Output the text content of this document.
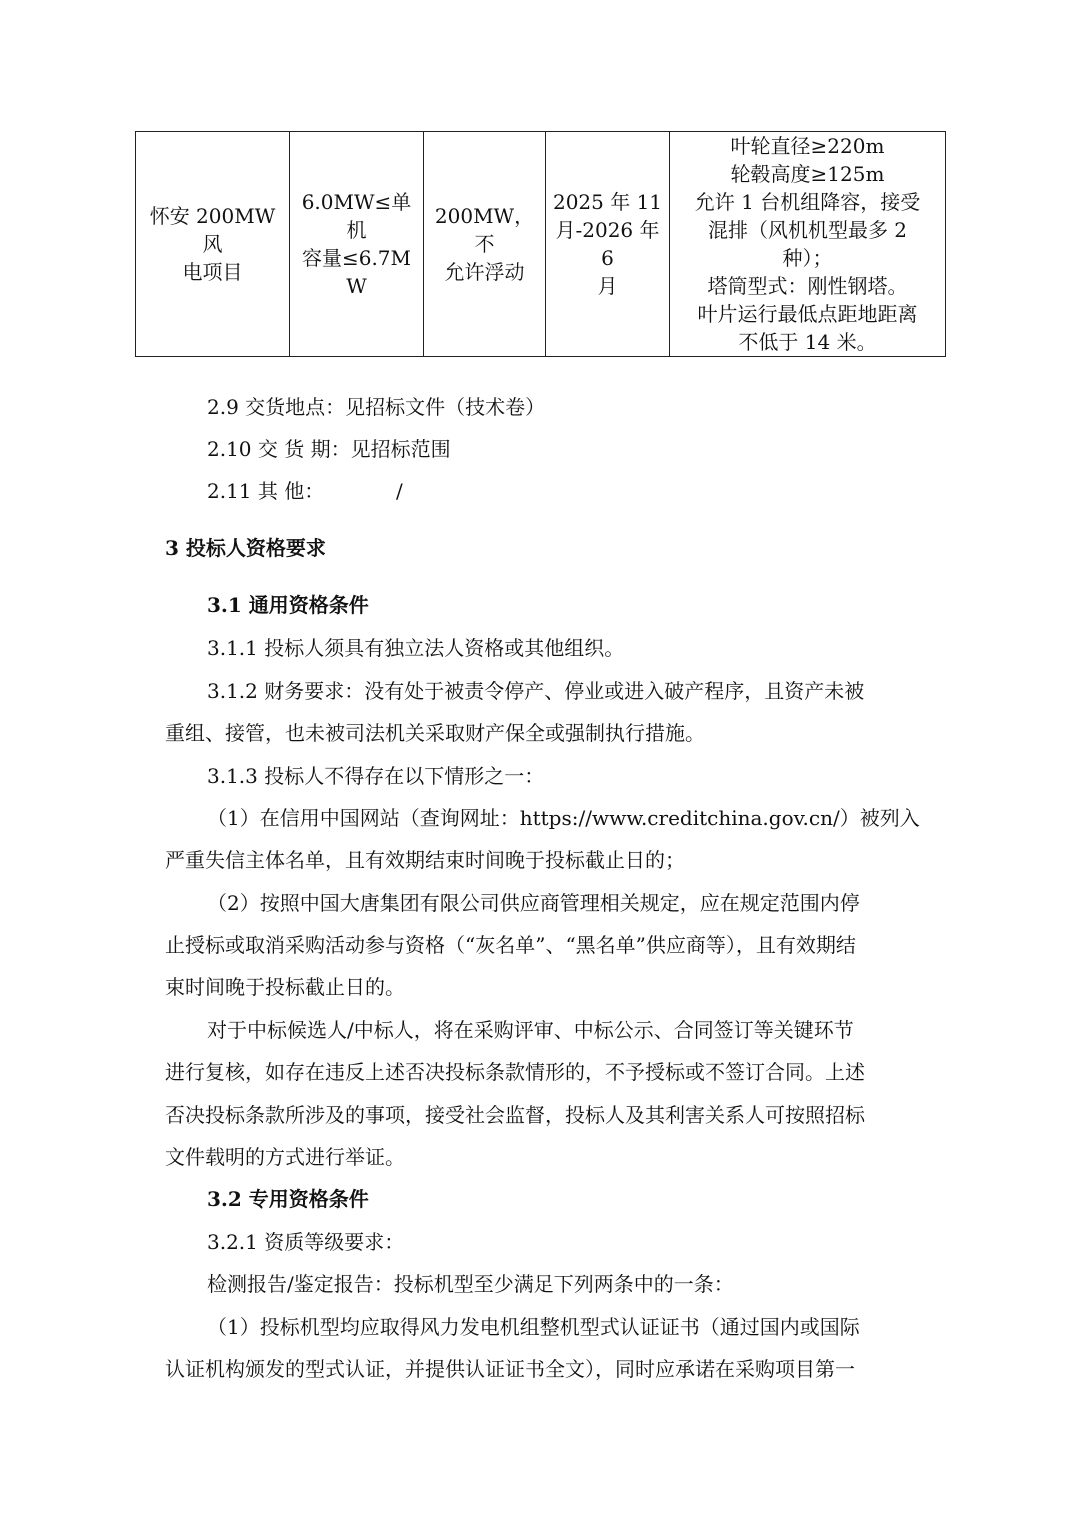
怀安 200MW 风
电项目

6.0MW≤单机
容量≤6.7MW

200MW，不
允许浮动

2025 年 11
月-2026 年 6
月

叶轮直径≥220m
轮毂高度≥125m
允许 1 台机组降容，接受
混排（风机机型最多 2
种）；
塔筒型式：刚性钢塔。
叶片运行最低点距地距离
不低于 14 米。
2.9 交货地点：见招标文件（技术卷）
2.10 交 货 期：见招标范围
2.11 其 他：	/
3 投标人资格要求
3.1 通用资格条件
3.1.1 投标人须具有独立法人资格或其他组织。
3.1.2 财务要求：没有处于被责令停产、停业或进入破产程序，且资产未被
重组、接管，也未被司法机关采取财产保全或强制执行措施。
3.1.3 投标人不得存在以下情形之一：
（1）在信用中国网站（查询网址：https://www.creditchina.gov.cn/）被列入
严重失信主体名单，且有效期结束时间晚于投标截止日的；
（2）按照中国大唐集团有限公司供应商管理相关规定，应在规定范围内停
止授标或取消采购活动参与资格（“灰名单”、“黑名单”供应商等），且有效期结
束时间晚于投标截止日的。
对于中标候选人/中标人，将在采购评审、中标公示、合同签订等关键环节
进行复核，如存在违反上述否决投标条款情形的，不予授标或不签订合同。上述
否决投标条款所涉及的事项，接受社会监督，投标人及其利害关系人可按照招标
文件载明的方式进行举证。
3.2 专用资格条件
3.2.1 资质等级要求：
检测报告/鉴定报告：投标机型至少满足下列两条中的一条：
（1）投标机型均应取得风力发电机组整机型式认证证书（通过国内或国际
认证机构颁发的型式认证，并提供认证证书全文），同时应承诺在采购项目第一
